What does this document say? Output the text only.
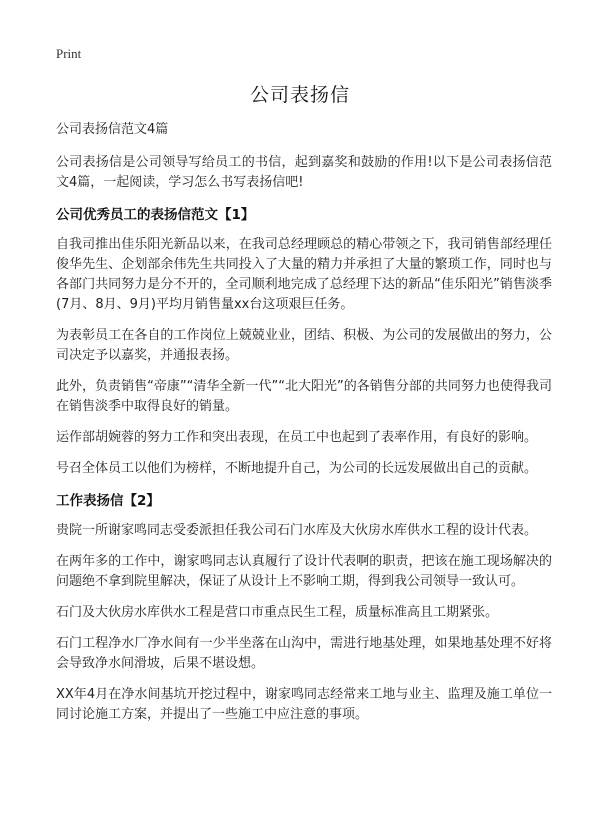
Print
公司表扬信

公司表扬信范文4篇

公司表扬信是公司领导写给员工的书信，起到嘉奖和鼓励的作用!以下是公司表扬信范文4篇，一起阅读，学习怎么书写表扬信吧!

公司优秀员工的表扬信范文【1】

自我司推出佳乐阳光新品以来，在我司总经理顾总的精心带领之下，我司销售部经理任俊华先生、企划部余伟先生共同投入了大量的精力并承担了大量的繁琐工作，同时也与各部门共同努力是分不开的，全司顺利地完成了总经理下达的新品“佳乐阳光”销售淡季(7月、8月、9月)平均月销售量xx台这项艰巨任务。

为表彰员工在各自的工作岗位上兢兢业业，团结、积极、为公司的发展做出的努力，公司决定予以嘉奖，并通报表扬。

此外，负责销售“帝康”“清华全新一代”“北大阳光”的各销售分部的共同努力也使得我司在销售淡季中取得良好的销量。

运作部胡婉蓉的努力工作和突出表现，在员工中也起到了表率作用，有良好的影响。

号召全体员工以他们为榜样，不断地提升自己，为公司的长远发展做出自己的贡献。

工作表扬信【2】

贵院一所谢家鸣同志受委派担任我公司石门水库及大伙房水库供水工程的设计代表。

在两年多的工作中，谢家鸣同志认真履行了设计代表啊的职责，把该在施工现场解决的问题绝不拿到院里解决，保证了从设计上不影响工期，得到我公司领导一致认可。

石门及大伙房水库供水工程是营口市重点民生工程，质量标准高且工期紧张。

石门工程净水厂净水间有一少半坐落在山沟中，需进行地基处理，如果地基处理不好将会导致净水间滑坡，后果不堪设想。

XX年4月在净水间基坑开挖过程中，谢家鸣同志经常来工地与业主、监理及施工单位一同讨论施工方案，并提出了一些施工中应注意的事项。
